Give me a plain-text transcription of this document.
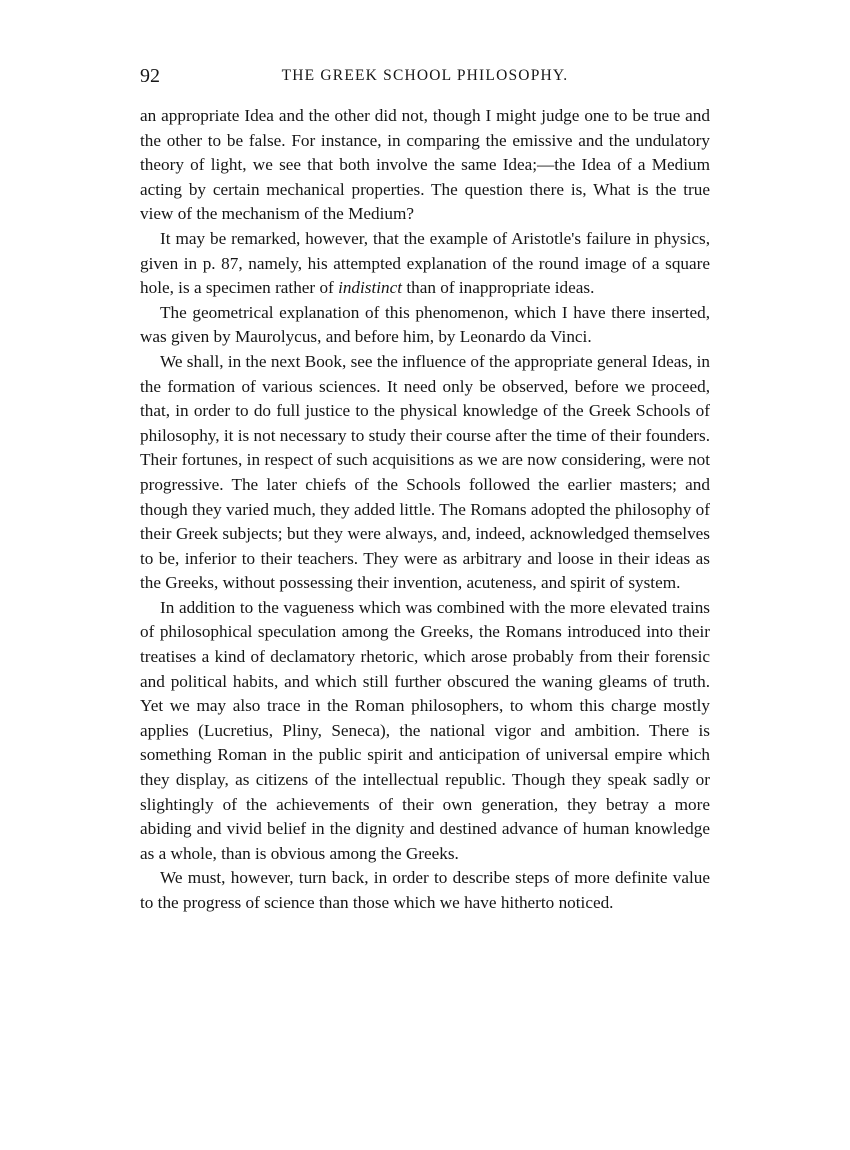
92	THE GREEK SCHOOL PHILOSOPHY.

an appropriate Idea and the other did not, though I might judge one to be true and the other to be false. For instance, in comparing the emissive and the undulatory theory of light, we see that both involve the same Idea;—the Idea of a Medium acting by certain mechanical properties. The question there is, What is the true view of the mechanism of the Medium?

It may be remarked, however, that the example of Aristotle's failure in physics, given in p. 87, namely, his attempted explanation of the round image of a square hole, is a specimen rather of indistinct than of inappropriate ideas.

The geometrical explanation of this phenomenon, which I have there inserted, was given by Maurolycus, and before him, by Leonardo da Vinci.

We shall, in the next Book, see the influence of the appropriate general Ideas, in the formation of various sciences. It need only be observed, before we proceed, that, in order to do full justice to the physical knowledge of the Greek Schools of philosophy, it is not necessary to study their course after the time of their founders. Their fortunes, in respect of such acquisitions as we are now considering, were not progressive. The later chiefs of the Schools followed the earlier masters; and though they varied much, they added little. The Romans adopted the philosophy of their Greek subjects; but they were always, and, indeed, acknowledged themselves to be, inferior to their teachers. They were as arbitrary and loose in their ideas as the Greeks, without possessing their invention, acuteness, and spirit of system.

In addition to the vagueness which was combined with the more elevated trains of philosophical speculation among the Greeks, the Romans introduced into their treatises a kind of declamatory rhetoric, which arose probably from their forensic and political habits, and which still further obscured the waning gleams of truth. Yet we may also trace in the Roman philosophers, to whom this charge mostly applies (Lucretius, Pliny, Seneca), the national vigor and ambition. There is something Roman in the public spirit and anticipation of universal empire which they display, as citizens of the intellectual republic. Though they speak sadly or slightingly of the achievements of their own generation, they betray a more abiding and vivid belief in the dignity and destined advance of human knowledge as a whole, than is obvious among the Greeks.

We must, however, turn back, in order to describe steps of more definite value to the progress of science than those which we have hitherto noticed.
